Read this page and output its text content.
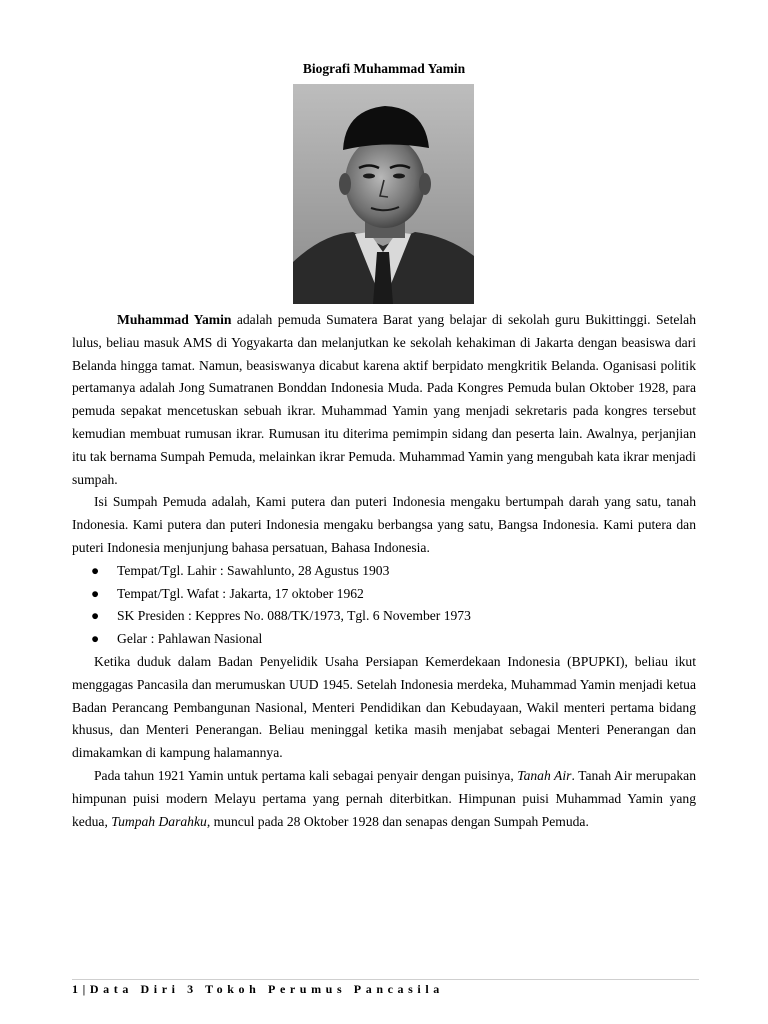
Biografi Muhammad Yamin

Muhammad Yamin adalah pemuda Sumatera Barat yang belajar di sekolah guru Bukittinggi. Setelah lulus, beliau masuk AMS di Yogyakarta dan melanjutkan ke sekolah kehakiman di Jakarta dengan beasiswa dari Belanda hingga tamat. Namun, beasiswanya dicabut karena aktif berpidato mengkritik Belanda. Oganisasi politik pertamanya adalah Jong Sumatranen Bonddan Indonesia Muda. Pada Kongres Pemuda bulan Oktober 1928, para pemuda sepakat mencetuskan sebuah ikrar. Muhammad Yamin yang menjadi sekretaris pada kongres tersebut kemudian membuat rumusan ikrar. Rumusan itu diterima pemimpin sidang dan peserta lain. Awalnya, perjanjian itu tak bernama Sumpah Pemuda, melainkan ikrar Pemuda. Muhammad Yamin yang mengubah kata ikrar menjadi sumpah.

Isi Sumpah Pemuda adalah, Kami putera dan puteri Indonesia mengaku bertumpah darah yang satu, tanah Indonesia. Kami putera dan puteri Indonesia mengaku berbangsa yang satu, Bangsa Indonesia. Kami putera dan puteri Indonesia menjunjung bahasa persatuan, Bahasa Indonesia.

● Tempat/Tgl. Lahir : Sawahlunto, 28 Agustus 1903
● Tempat/Tgl. Wafat : Jakarta, 17 oktober 1962
● SK Presiden : Keppres No. 088/TK/1973, Tgl. 6 November 1973
● Gelar : Pahlawan Nasional

Ketika duduk dalam Badan Penyelidik Usaha Persiapan Kemerdekaan Indonesia (BPUPKI), beliau ikut menggagas Pancasila dan merumuskan UUD 1945. Setelah Indonesia merdeka, Muhammad Yamin menjadi ketua Badan Perancang Pembangunan Nasional, Menteri Pendidikan dan Kebudayaan, Wakil menteri pertama bidang khusus, dan Menteri Penerangan. Beliau meninggal ketika masih menjabat sebagai Menteri Penerangan dan dimakamkan di kampung halamannya.

Pada tahun 1921 Yamin untuk pertama kali sebagai penyair dengan puisinya, Tanah Air. Tanah Air merupakan himpunan puisi modern Melayu pertama yang pernah diterbitkan. Himpunan puisi Muhammad Yamin yang kedua, Tumpah Darahku, muncul pada 28 Oktober 1928 dan senapas dengan Sumpah Pemuda.

1|Data Diri 3 Tokoh Perumus Pancasila
